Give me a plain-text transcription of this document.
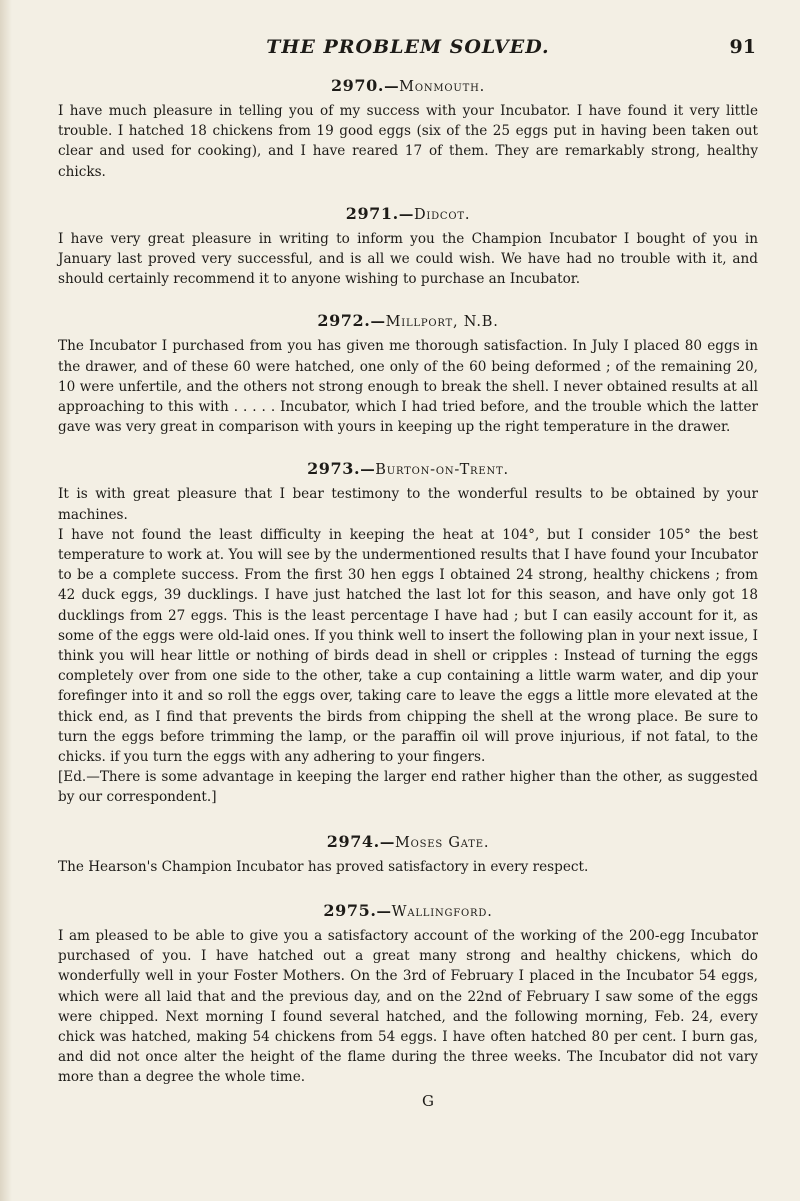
THE PROBLEM SOLVED.	91
2970.—Monmouth.

I have much pleasure in telling you of my success with your Incubator. I have found it very little trouble. I hatched 18 chickens from 19 good eggs (six of the 25 eggs put in having been taken out clear and used for cooking), and I have reared 17 of them. They are remarkably strong, healthy chicks.

2971.—Didcot.

I have very great pleasure in writing to inform you the Champion Incubator I bought of you in January last proved very successful, and is all we could wish. We have had no trouble with it, and should certainly recommend it to anyone wishing to purchase an Incubator.

2972.—Millport, N.B.

The Incubator I purchased from you has given me thorough satisfaction. In July I placed 80 eggs in the drawer, and of these 60 were hatched, one only of the 60 being deformed ; of the remaining 20, 10 were unfertile, and the others not strong enough to break the shell. I never obtained results at all approaching to this with . . . . . Incubator, which I had tried before, and the trouble which the latter gave was very great in comparison with yours in keeping up the right temperature in the drawer.

2973.—Burton-on-Trent.

It is with great pleasure that I bear testimony to the wonderful results to be obtained by your machines.

I have not found the least difficulty in keeping the heat at 104°, but I consider 105° the best temperature to work at. You will see by the undermentioned results that I have found your Incubator to be a complete success. From the first 30 hen eggs I obtained 24 strong, healthy chickens ; from 42 duck eggs, 39 ducklings. I have just hatched the last lot for this season, and have only got 18 ducklings from 27 eggs. This is the least percentage I have had ; but I can easily account for it, as some of the eggs were old-laid ones. If you think well to insert the following plan in your next issue, I think you will hear little or nothing of birds dead in shell or cripples : Instead of turning the eggs completely over from one side to the other, take a cup containing a little warm water, and dip your forefinger into it and so roll the eggs over, taking care to leave the eggs a little more elevated at the thick end, as I find that prevents the birds from chipping the shell at the wrong place. Be sure to turn the eggs before trimming the lamp, or the paraffin oil will prove injurious, if not fatal, to the chicks. if you turn the eggs with any adhering to your fingers.

[Ed.—There is some advantage in keeping the larger end rather higher than the other, as suggested by our correspondent.]

2974.—Moses Gate.

The Hearson's Champion Incubator has proved satisfactory in every respect.

2975.—Wallingford.

I am pleased to be able to give you a satisfactory account of the working of the 200-egg Incubator purchased of you. I have hatched out a great many strong and healthy chickens, which do wonderfully well in your Foster Mothers. On the 3rd of February I placed in the Incubator 54 eggs, which were all laid that and the previous day, and on the 22nd of February I saw some of the eggs were chipped. Next morning I found several hatched, and the following morning, Feb. 24, every chick was hatched, making 54 chickens from 54 eggs. I have often hatched 80 per cent. I burn gas, and did not once alter the height of the flame during the three weeks. The Incubator did not vary more than a degree the whole time.

G
